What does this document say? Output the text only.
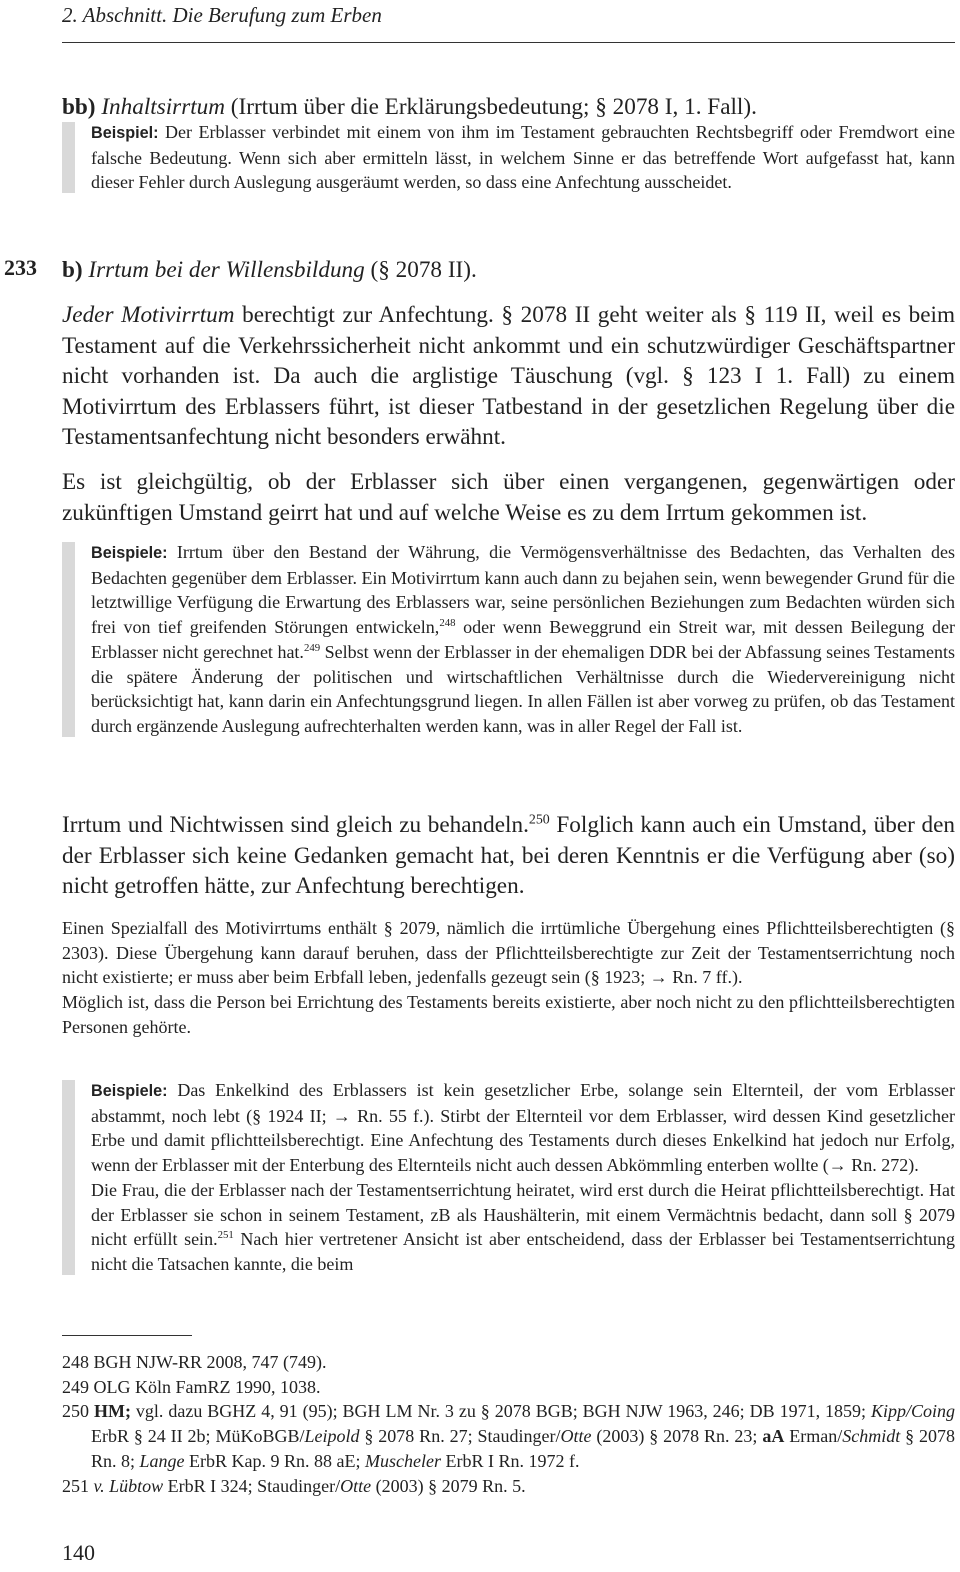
2. Abschnitt. Die Berufung zum Erben
bb) Inhaltsirrtum (Irrtum über die Erklärungsbedeutung; § 2078 I, 1. Fall).

Beispiel: Der Erblasser verbindet mit einem von ihm im Testament gebrauchten Rechtsbegriff oder Fremdwort eine falsche Bedeutung. Wenn sich aber ermitteln lässt, in welchem Sinne er das betreffende Wort aufgefasst hat, kann dieser Fehler durch Auslegung ausgeräumt werden, so dass eine Anfechtung ausscheidet.

233 b) Irrtum bei der Willensbildung (§ 2078 II).
Jeder Motivirrtum berechtigt zur Anfechtung. § 2078 II geht weiter als § 119 II, weil es beim Testament auf die Verkehrssicherheit nicht ankommt und ein schutzwürdiger Geschäftspartner nicht vorhanden ist. Da auch die arglistige Täuschung (vgl. § 123 I 1. Fall) zu einem Motivirrtum des Erblassers führt, ist dieser Tatbestand in der gesetzlichen Regelung über die Testamentsanfechtung nicht besonders erwähnt.
Es ist gleichgültig, ob der Erblasser sich über einen vergangenen, gegenwärtigen oder zukünftigen Umstand geirrt hat und auf welche Weise es zu dem Irrtum gekommen ist.

Beispiele: Irrtum über den Bestand der Währung, die Vermögensverhältnisse des Bedachten, das Verhalten des Bedachten gegenüber dem Erblasser. Ein Motivirrtum kann auch dann zu bejahen sein, wenn bewegender Grund für die letztwillige Verfügung die Erwartung des Erblassers war, seine persönlichen Beziehungen zum Bedachten würden sich frei von tief greifenden Störungen entwickeln,$^{248}$ oder wenn Beweggrund ein Streit war, mit dessen Beilegung der Erblasser nicht gerechnet hat.$^{249}$ Selbst wenn der Erblasser in der ehemaligen DDR bei der Abfassung seines Testaments die spätere Änderung der politischen und wirtschaftlichen Verhältnisse durch die Wiedervereinigung nicht berücksichtigt hat, kann darin ein Anfechtungsgrund liegen. In allen Fällen ist aber vorweg zu prüfen, ob das Testament durch ergänzende Auslegung aufrechterhalten werden kann, was in aller Regel der Fall ist.

Irrtum und Nichtwissen sind gleich zu behandeln.$^{250}$ Folglich kann auch ein Umstand, über den der Erblasser sich keine Gedanken gemacht hat, bei deren Kenntnis er die Verfügung aber (so) nicht getroffen hätte, zur Anfechtung berechtigen.

Einen Spezialfall des Motivirrtums enthält § 2079, nämlich die irrtümliche Übergehung eines Pflichtteilsberechtigten (§ 2303). Diese Übergehung kann darauf beruhen, dass der Pflichtteilsberechtigte zur Zeit der Testamentserrichtung noch nicht existierte; er muss aber beim Erbfall leben, jedenfalls gezeugt sein (§ 1923; → Rn. 7 ff.).

Möglich ist, dass die Person bei Errichtung des Testaments bereits existierte, aber noch nicht zu den pflichtteilsberechtigten Personen gehörte.

Beispiele: Das Enkelkind des Erblassers ist kein gesetzlicher Erbe, solange sein Elternteil, der vom Erblasser abstammt, noch lebt (§ 1924 II; → Rn. 55 f.). Stirbt der Elternteil vor dem Erblasser, wird dessen Kind gesetzlicher Erbe und damit pflichtteilsberechtigt. Eine Anfechtung des Testaments durch dieses Enkelkind hat jedoch nur Erfolg, wenn der Erblasser mit der Enterbung des Elternteils nicht auch dessen Abkömmling enterben wollte (→ Rn. 272).

Die Frau, die der Erblasser nach der Testamentserrichtung heiratet, wird erst durch die Heirat pflichtteilsberechtigt. Hat der Erblasser sie schon in seinem Testament, zB als Haushälterin, mit einem Vermächtnis bedacht, dann soll § 2079 nicht erfüllt sein.$^{251}$ Nach hier vertretener Ansicht ist aber entscheidend, dass der Erblasser bei Testamentserrichtung nicht die Tatsachen kannte, die beim

248 BGH NJW-RR 2008, 747 (749).

249 OLG Köln FamRZ 1990, 1038.

250 HM; vgl. dazu BGHZ 4, 91 (95); BGH LM Nr. 3 zu § 2078 BGB; BGH NJW 1963, 246; DB 1971, 1859; Kipp/Coing ErbR § 24 II 2b; MüKoBGB/Leipold § 2078 Rn. 27; Staudinger/Otte (2003) § 2078 Rn. 23; aA Erman/Schmidt § 2078 Rn. 8; Lange ErbR Kap. 9 Rn. 88 aE; Muscheler ErbR I Rn. 1972 f.

251 v. Lübtow ErbR I 324; Staudinger/Otte (2003) § 2079 Rn. 5.

140
